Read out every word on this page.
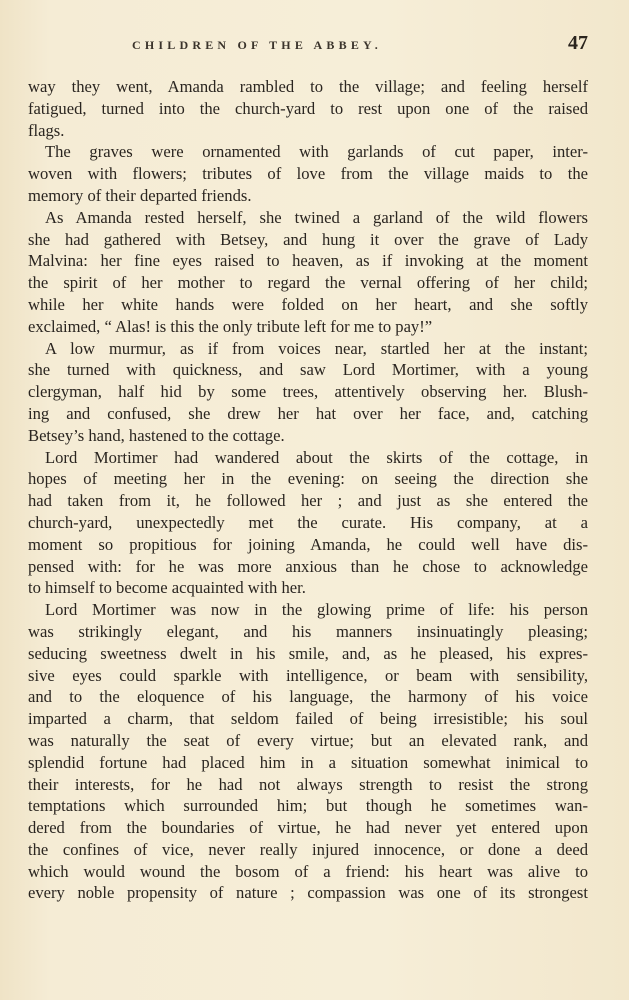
CHILDREN OF THE ABBEY.	47
way they went, Amanda rambled to the village; and feeling herself
fatigued, turned into the church-yard to rest upon one of the raised
flags.
The graves were ornamented with garlands of cut paper, inter-
woven with flowers; tributes of love from the village maids to the
memory of their departed friends.
As Amanda rested herself, she twined a garland of the wild flowers
she had gathered with Betsey, and hung it over the grave of Lady
Malvina: her fine eyes raised to heaven, as if invoking at the moment
the spirit of her mother to regard the vernal offering of her child;
while her white hands were folded on her heart, and she softly
exclaimed, “ Alas! is this the only tribute left for me to pay!”
A low murmur, as if from voices near, startled her at the instant;
she turned with quickness, and saw Lord Mortimer, with a young
clergyman, half hid by some trees, attentively observing her. Blush-
ing and confused, she drew her hat over her face, and, catching
Betsey’s hand, hastened to the cottage.
Lord Mortimer had wandered about the skirts of the cottage, in
hopes of meeting her in the evening: on seeing the direction she
had taken from it, he followed her ; and just as she entered the
church-yard, unexpectedly met the curate. His company, at a
moment so propitious for joining Amanda, he could well have dis-
pensed with: for he was more anxious than he chose to acknowledge
to himself to become acquainted with her.
Lord Mortimer was now in the glowing prime of life: his person
was strikingly elegant, and his manners insinuatingly pleasing;
seducing sweetness dwelt in his smile, and, as he pleased, his expres-
sive eyes could sparkle with intelligence, or beam with sensibility,
and to the eloquence of his language, the harmony of his voice
imparted a charm, that seldom failed of being irresistible; his soul
was naturally the seat of every virtue; but an elevated rank, and
splendid fortune had placed him in a situation somewhat inimical to
their interests, for he had not always strength to resist the strong
temptations which surrounded him; but though he sometimes wan-
dered from the boundaries of virtue, he had never yet entered upon
the confines of vice, never really injured innocence, or done a deed
which would wound the bosom of a friend: his heart was alive to
every noble propensity of nature ; compassion was one of its strongest
